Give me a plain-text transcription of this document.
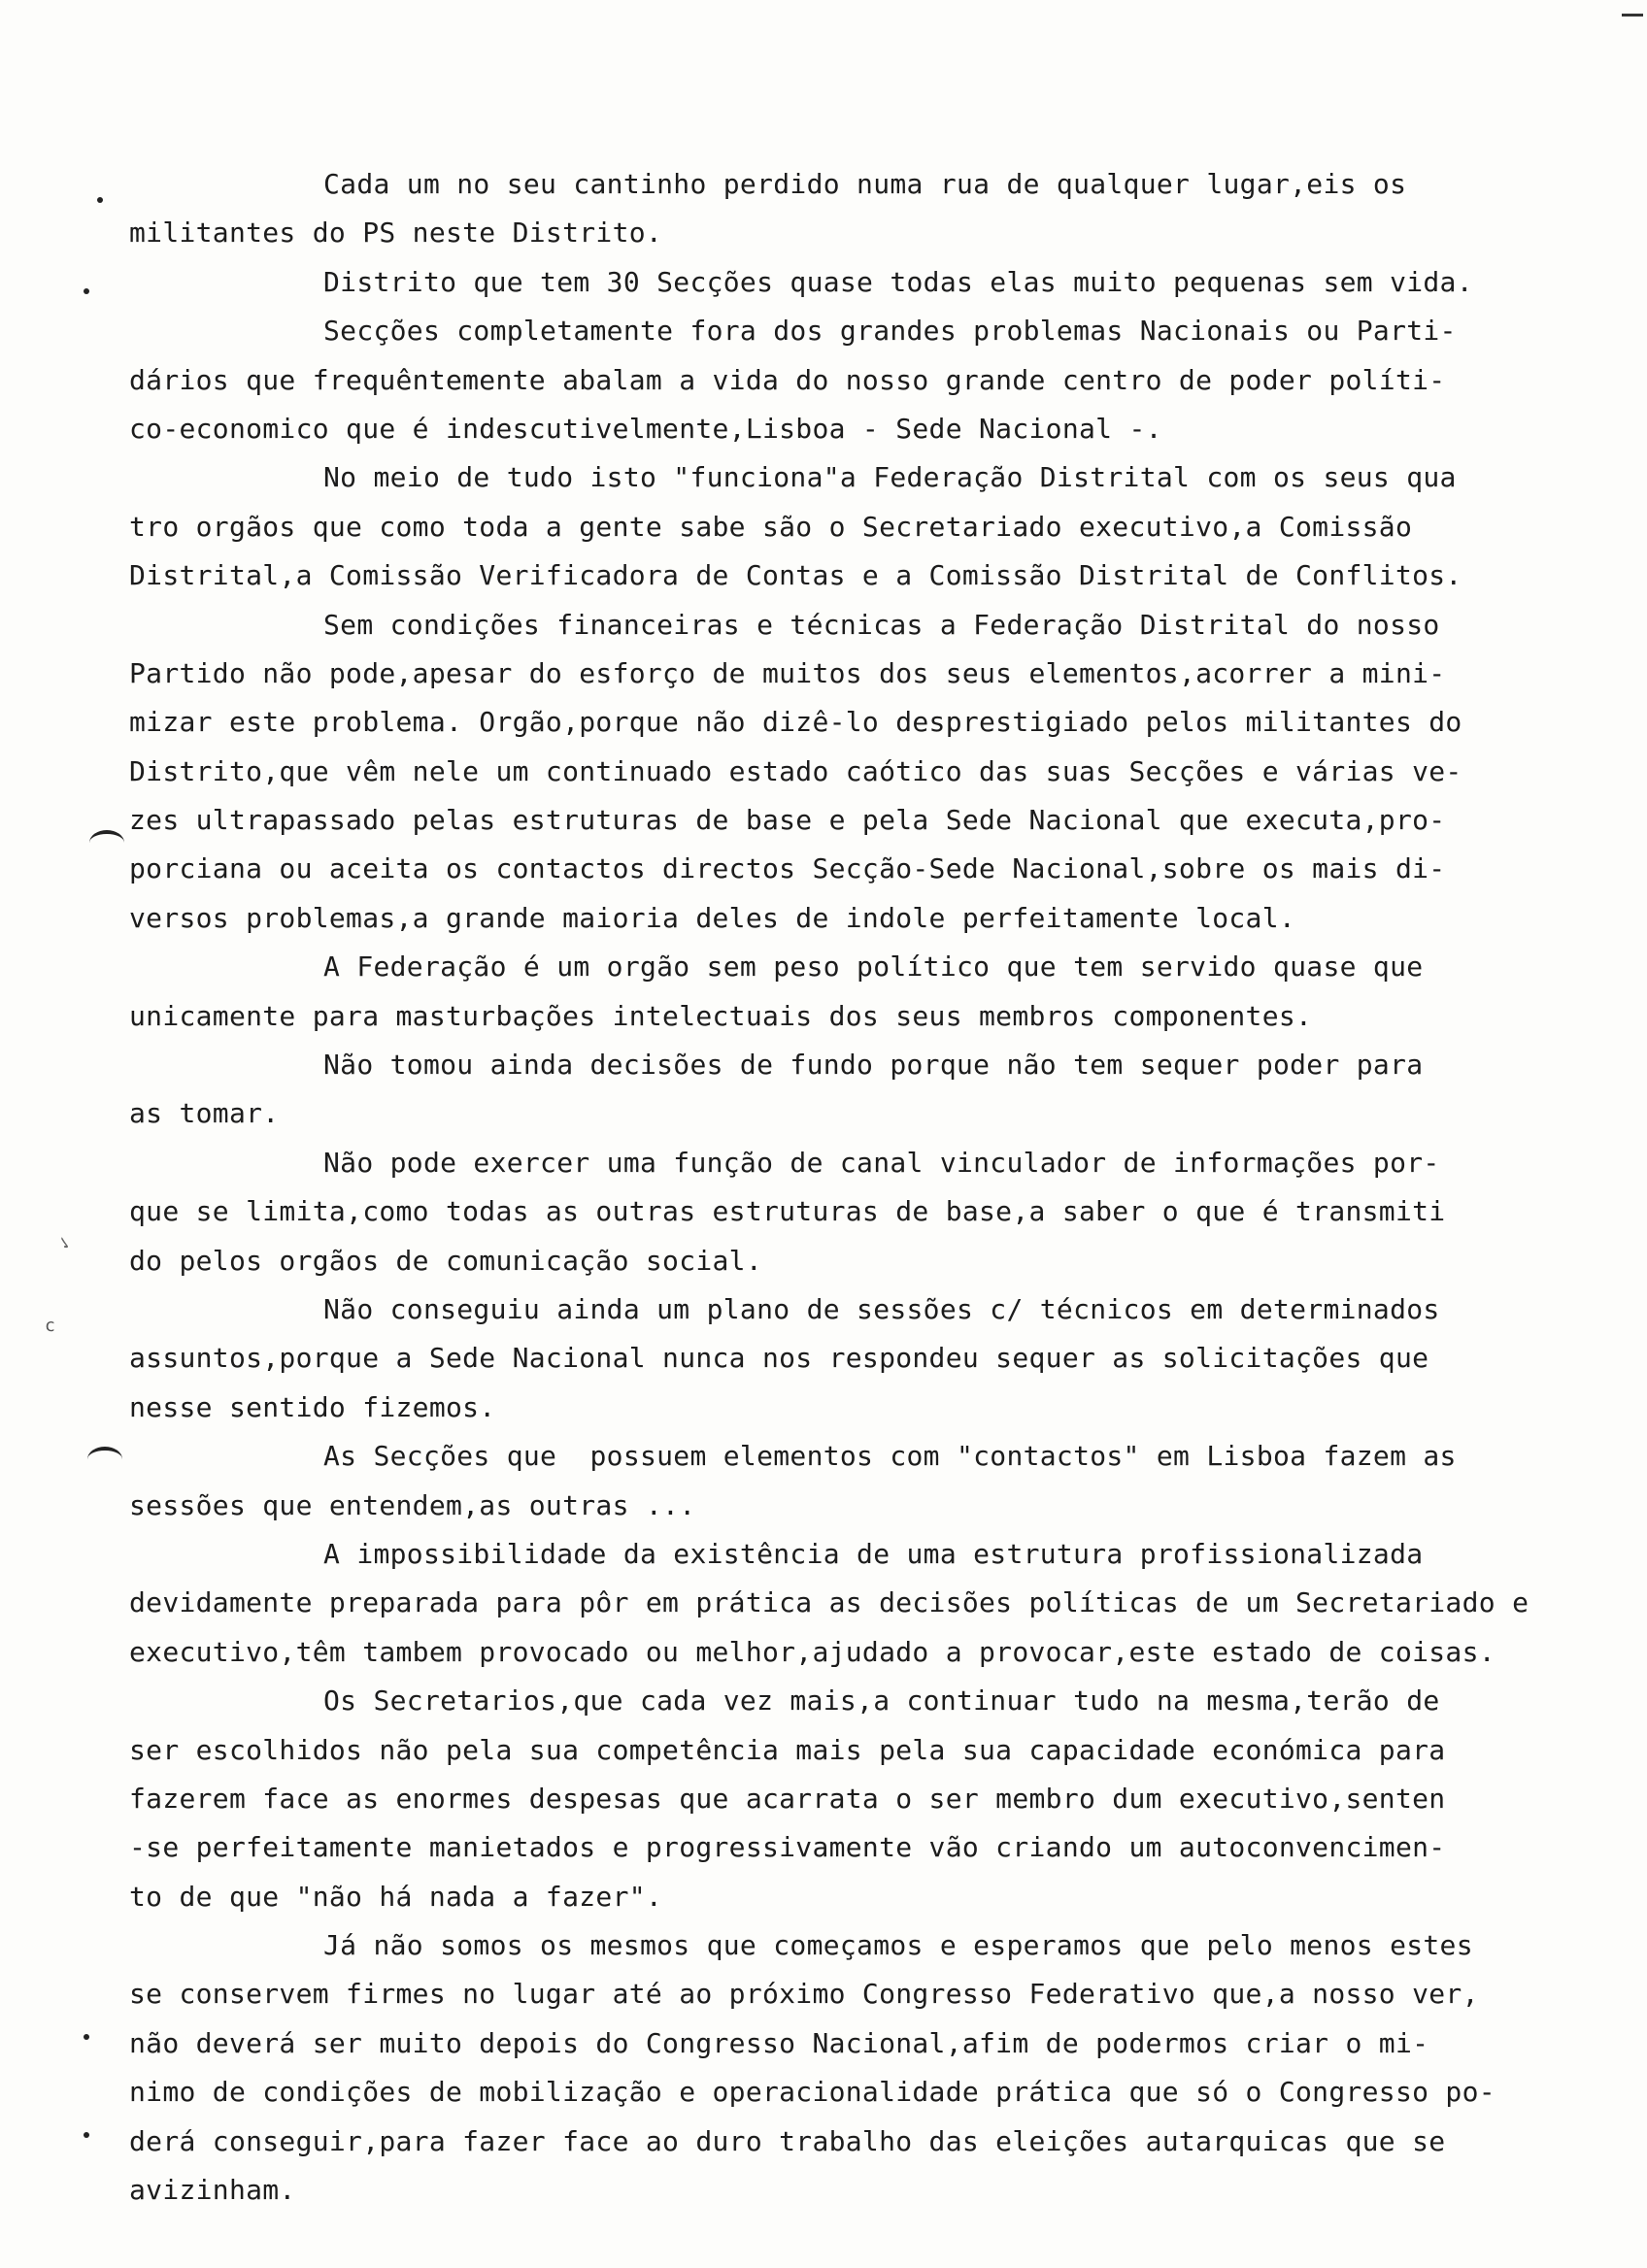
✓
c
Cada um no seu cantinho perdido numa rua de qualquer lugar,eis os
militantes do PS neste Distrito.
Distrito que tem 30 Secções quase todas elas muito pequenas sem vida.
Secções completamente fora dos grandes problemas Nacionais ou Parti-
dários que frequêntemente abalam a vida do nosso grande centro de poder políti-
co-economico que é indescutivelmente,Lisboa - Sede Nacional -.
No meio de tudo isto "funciona"a Federação Distrital com os seus qua
tro orgãos que como toda a gente sabe são o Secretariado executivo,a Comissão
Distrital,a Comissão Verificadora de Contas e a Comissão Distrital de Conflitos.
Sem condições financeiras e técnicas a Federação Distrital do nosso
Partido não pode,apesar do esforço de muitos dos seus elementos,acorrer a mini-
mizar este problema. Orgão,porque não dizê-lo desprestigiado pelos militantes do
Distrito,que vêm nele um continuado estado caótico das suas Secções e várias ve-
zes ultrapassado pelas estruturas de base e pela Sede Nacional que executa,pro-
porciana ou aceita os contactos directos Secção-Sede Nacional,sobre os mais di-
versos problemas,a grande maioria deles de indole perfeitamente local.
A Federação é um orgão sem peso político que tem servido quase que
unicamente para masturbações intelectuais dos seus membros componentes.
Não tomou ainda decisões de fundo porque não tem sequer poder para
as tomar.
Não pode exercer uma função de canal vinculador de informações por-
que se limita,como todas as outras estruturas de base,a saber o que é transmiti
do pelos orgãos de comunicação social.
Não conseguiu ainda um plano de sessões c/ técnicos em determinados
assuntos,porque a Sede Nacional nunca nos respondeu sequer as solicitações que
nesse sentido fizemos.
As Secções que  possuem elementos com "contactos" em Lisboa fazem as
sessões que entendem,as outras ...
A impossibilidade da existência de uma estrutura profissionalizada
devidamente preparada para pôr em prática as decisões políticas de um Secretariado e
executivo,têm tambem provocado ou melhor,ajudado a provocar,este estado de coisas.
Os Secretarios,que cada vez mais,a continuar tudo na mesma,terão de
ser escolhidos não pela sua competência mais pela sua capacidade económica para
fazerem face as enormes despesas que acarrata o ser membro dum executivo,senten
-se perfeitamente manietados e progressivamente vão criando um autoconvencimen-
to de que "não há nada a fazer".
Já não somos os mesmos que começamos e esperamos que pelo menos estes
se conservem firmes no lugar até ao próximo Congresso Federativo que,a nosso ver,
não deverá ser muito depois do Congresso Nacional,afim de podermos criar o mi-
nimo de condições de mobilização e operacionalidade prática que só o Congresso po-
derá conseguir,para fazer face ao duro trabalho das eleições autarquicas que se
avizinham.
